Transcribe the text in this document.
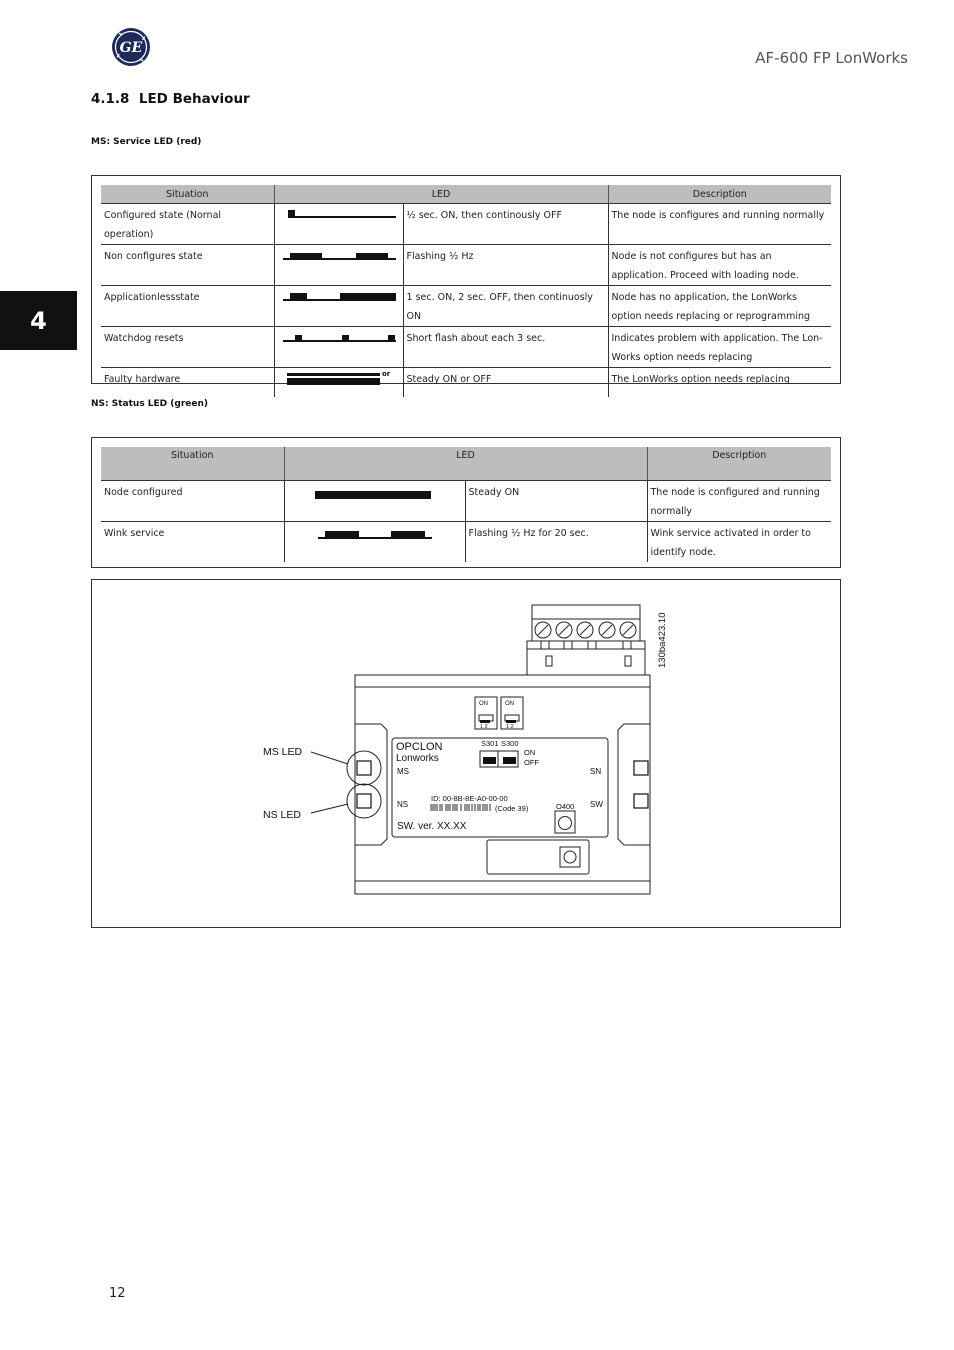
GE
AF-600 FP LonWorks
4.1.8 LED Behaviour
4
MS: Service LED (red)
Situation	LED		Description
Configured state (Nornal operation)		½ sec. ON, then continously OFF	The node is configures and running normally
Non configures state		Flashing ½ Hz	Node is not configures but has an application. Proceed with loading node.
Applicationlessstate		1 sec. ON, 2 sec. OFF, then continuosly ON	Node has no application, the LonWorks option needs replacing or reprogramming
Watchdog resets		Short flash about each 3 sec.	Indicates problem with application. The Lon-Works option needs replacing
Faulty hardware	or	Steady ON or OFF	The LonWorks option needs replacing
NS: Status LED (green)
Situation	LED		Description
Node configured		Steady ON	The node is configured and running normally
Wink service		Flashing ½ Hz for 20 sec.	Wink service activated in order to identify node.
MS LED
NS LED
130ba423.10
ON	ON
1 2	1 2
S301 S300
ON
OFF
OPCLON
Lonworks
MS
NS
SN
SW
ID: 00-8B-8E-A0-00-00
(Code 39)	O400
SW. ver. XX.XX
12
